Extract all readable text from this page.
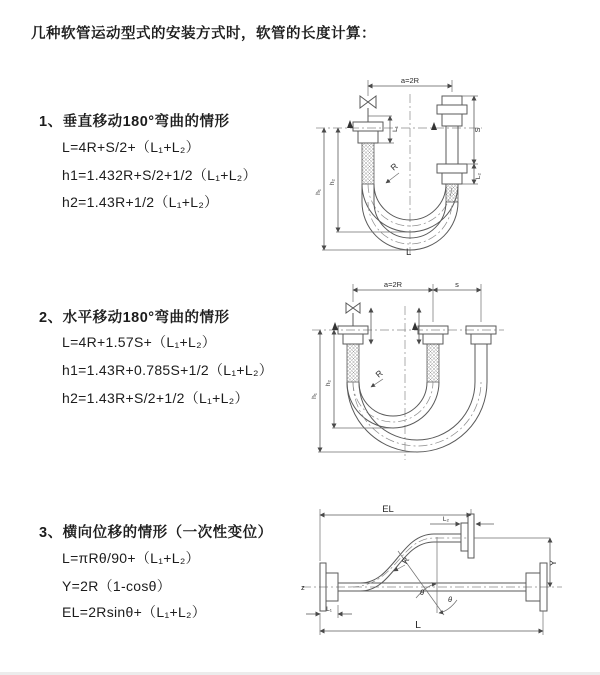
几种软管运动型式的安装方式时，软管的长度计算：
1、垂直移动180°弯曲的情形

L=4R+S/2+（L₁+L₂）

h1=1.432R+S/2+1/2（L₁+L₂）

h2=1.43R+1/2（L₁+L₂）

a=2R
h₁
h₂
L₁	S
L₂
R
L
2、水平移动180°弯曲的情形

L=4R+1.57S+（L₁+L₂）

h1=1.43R+0.785S+1/2（L₁+L₂）

h2=1.43R+S/2+1/2（L₁+L₂）

a=2R	s
h₁
h₂
R
3、横向位移的情形（一次性变位）

L=πRθ/90+（L₁+L₂）

Y=2R（1-cosθ）

EL=2Rsinθ+（L₁+L₂）

z
EL
L₂
Y
L₁
L
θ
θ
R
